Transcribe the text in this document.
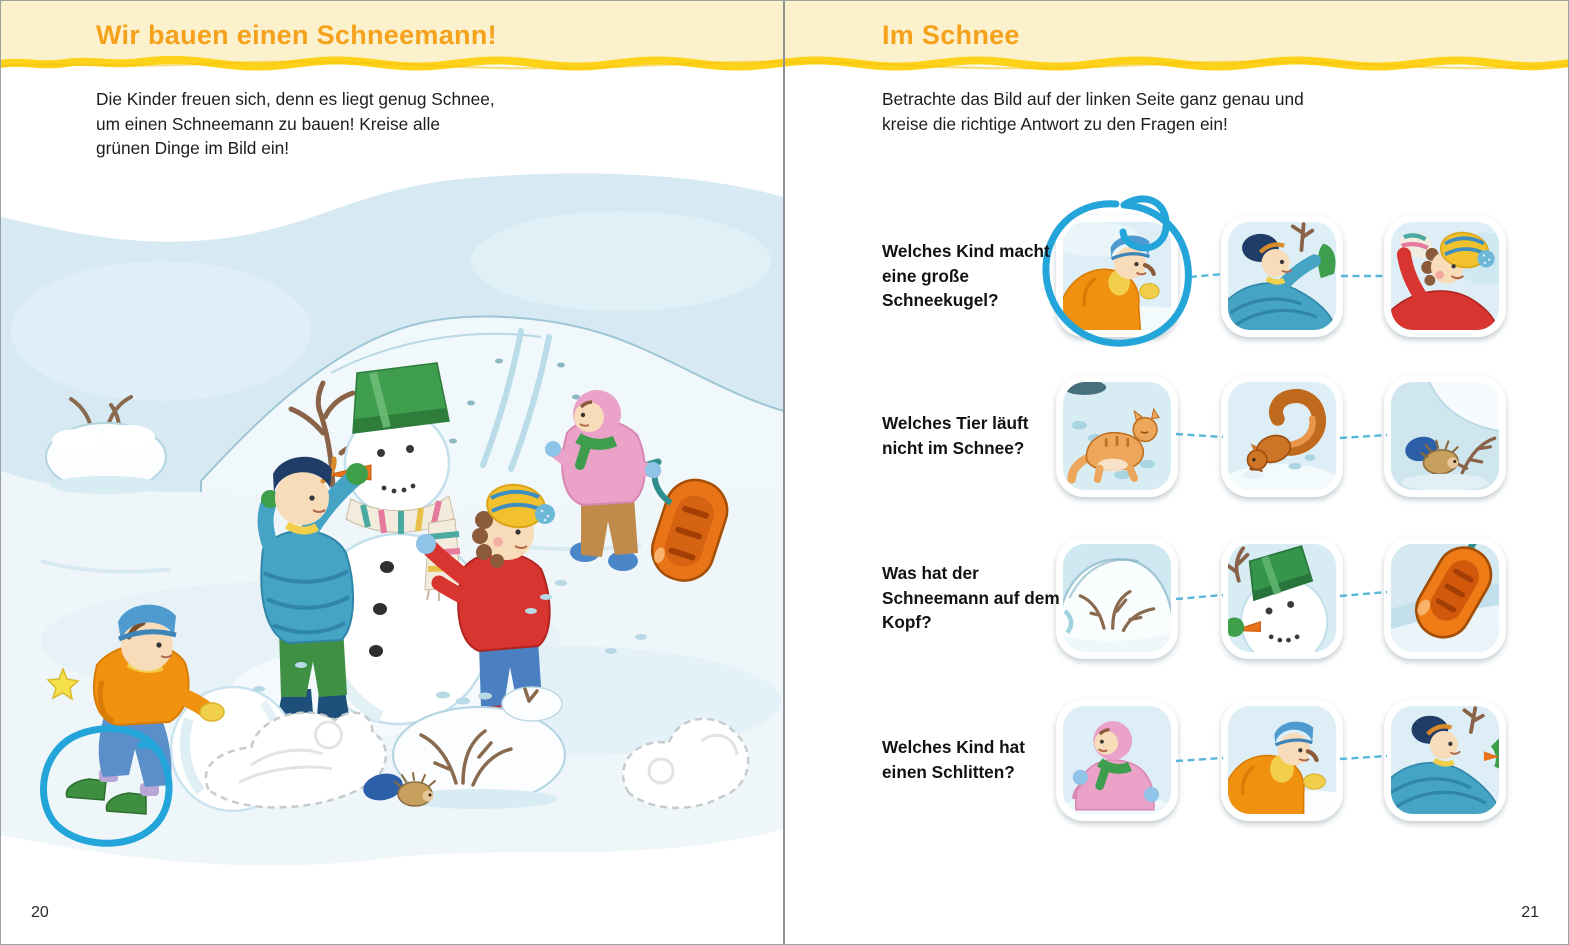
Wir bauen einen Schneemann!
Die Kinder freuen sich, denn es liegt genug Schnee, um einen Schneemann zu bauen! Kreise alle grünen Dinge im Bild ein!
20
Im Schnee
Betrachte das Bild auf der linken Seite ganz genau und kreise die richtige Antwort zu den Fragen ein!
Welches Kind macht eine große Schneekugel?
Welches Tier läuft nicht im Schnee?
Was hat der Schneemann auf dem Kopf?
Welches Kind hat einen Schlitten?
21
